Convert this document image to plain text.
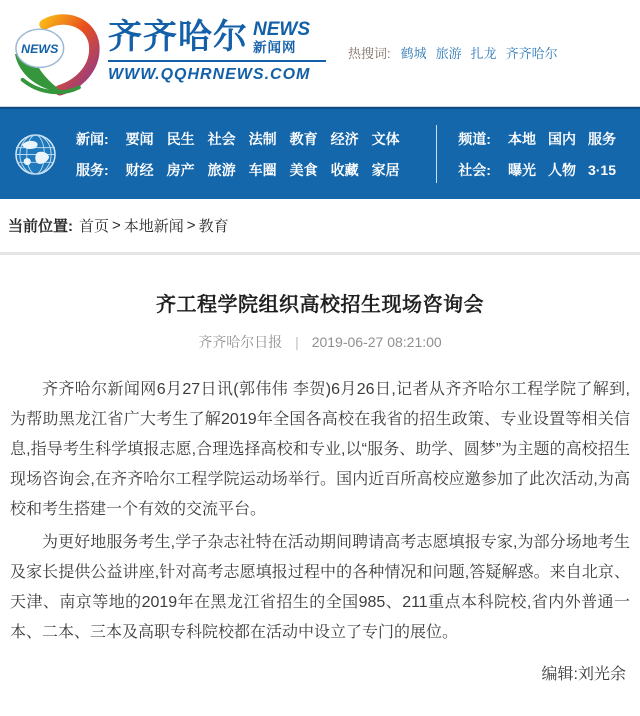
NEWS 齐齐哈尔 NEWS
新闻网
WWW.QQHRNEWS.COM
热搜词: 鹤城 旅游 扎龙 齐齐哈尔
新闻: 要闻 民生 社会 法制 教育 经济 文体
服务: 财经 房产 旅游 车圈 美食 收藏 家居
频道: 本地 国内 服务
社会: 曝光 人物 3·15
当前位置: 首页 > 本地新闻 > 教育
齐工程学院组织高校招生现场咨询会
齐齐哈尔日报 | 2019-06-27 08:21:00

齐齐哈尔新闻网6月27日讯(郭伟伟 李贺)6月26日,记者从齐齐哈尔工程学院了解到,为帮助黑龙江省广大考生了解2019年全国各高校在我省的招生政策、专业设置等相关信息,指导考生科学填报志愿,合理选择高校和专业,以“服务、助学、圆梦”为主题的高校招生现场咨询会,在齐齐哈尔工程学院运动场举行。国内近百所高校应邀参加了此次活动,为高校和考生搭建一个有效的交流平台。

为更好地服务考生,学子杂志社特在活动期间聘请高考志愿填报专家,为部分场地考生及家长提供公益讲座,针对高考志愿填报过程中的各种情况和问题,答疑解惑。来自北京、天津、南京等地的2019年在黑龙江省招生的全国985、211重点本科院校,省内外普通一本、二本、三本及高职专科院校都在活动中设立了专门的展位。

编辑:刘光余
